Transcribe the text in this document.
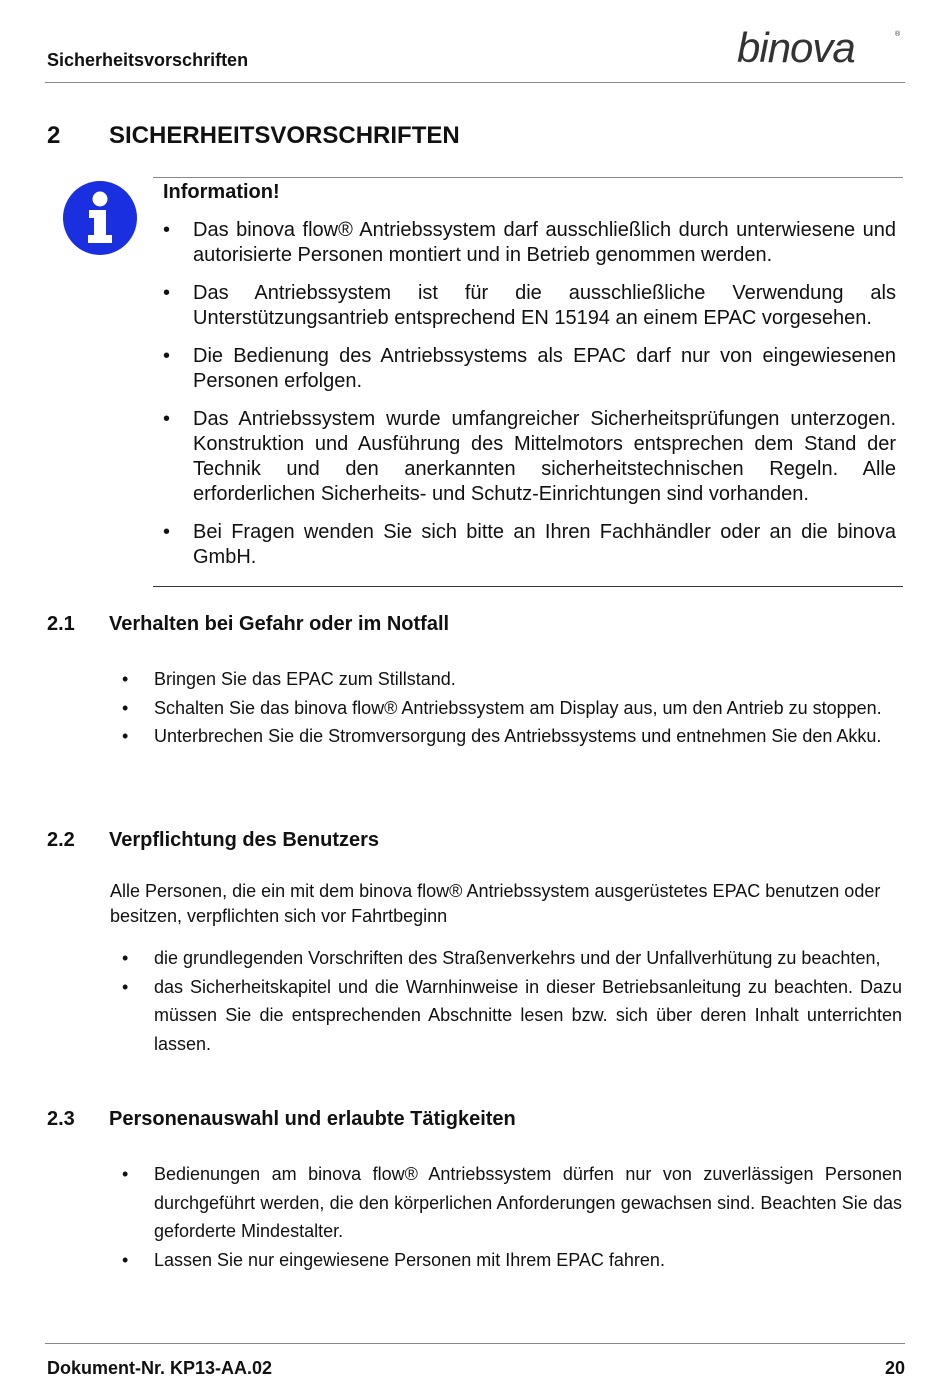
Sicherheitsvorschriften	binova	®
2 SICHERHEITSVORSCHRIFTEN
Information!
• Das binova flow® Antriebssystem darf ausschließlich durch unterwiesene und autorisierte Personen montiert und in Betrieb genommen werden.
• Das Antriebssystem ist für die ausschließliche Verwendung als Unterstützungsantrieb entsprechend EN 15194 an einem EPAC vorgesehen.
• Die Bedienung des Antriebssystems als EPAC darf nur von eingewiesenen Personen erfolgen.
• Das Antriebssystem wurde umfangreicher Sicherheitsprüfungen unterzogen. Konstruktion und Ausführung des Mittelmotors entsprechen dem Stand der Technik und den anerkannten sicherheitstechnischen Regeln. Alle erforderlichen Sicherheits- und Schutz-Einrichtungen sind vorhanden.
• Bei Fragen wenden Sie sich bitte an Ihren Fachhändler oder an die binova GmbH.
2.1 Verhalten bei Gefahr oder im Notfall
• Bringen Sie das EPAC zum Stillstand.
• Schalten Sie das binova flow® Antriebssystem am Display aus, um den Antrieb zu stoppen.
• Unterbrechen Sie die Stromversorgung des Antriebssystems und entnehmen Sie den Akku.
2.2 Verpflichtung des Benutzers

Alle Personen, die ein mit dem binova flow® Antriebssystem ausgerüstetes EPAC benutzen oder besitzen, verpflichten sich vor Fahrtbeginn

• die grundlegenden Vorschriften des Straßenverkehrs und der Unfallverhütung zu beachten,
• das Sicherheitskapitel und die Warnhinweise in dieser Betriebsanleitung zu beachten. Dazu müssen Sie die entsprechenden Abschnitte lesen bzw. sich über deren Inhalt unterrichten lassen.
2.3 Personenauswahl und erlaubte Tätigkeiten
• Bedienungen am binova flow® Antriebssystem dürfen nur von zuverlässigen Personen durchgeführt werden, die den körperlichen Anforderungen gewachsen sind. Beachten Sie das geforderte Mindestalter.
• Lassen Sie nur eingewiesene Personen mit Ihrem EPAC fahren.
Dokument-Nr. KP13-AA.02	20
